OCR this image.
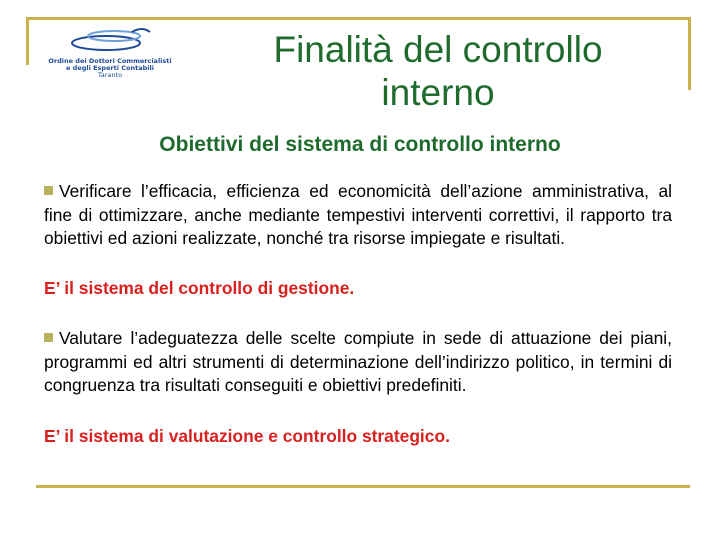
Ordine dei Dottori Commercialisti
e degli Esperti Contabili
Taranto
Finalità del controllo
interno
Obiettivi del sistema di controllo interno
Verificare l’efficacia, efficienza ed economicità dell’azione amministrativa, al fine di ottimizzare, anche mediante tempestivi interventi correttivi, il rapporto tra obiettivi ed azioni realizzate, nonché tra risorse impiegate e risultati.
E’ il sistema del controllo di gestione.
Valutare l’adeguatezza delle scelte compiute in sede di attuazione dei piani, programmi ed altri strumenti di determinazione dell’indirizzo politico, in termini di congruenza tra risultati conseguiti e obiettivi predefiniti.
E’ il sistema di valutazione e controllo strategico.
